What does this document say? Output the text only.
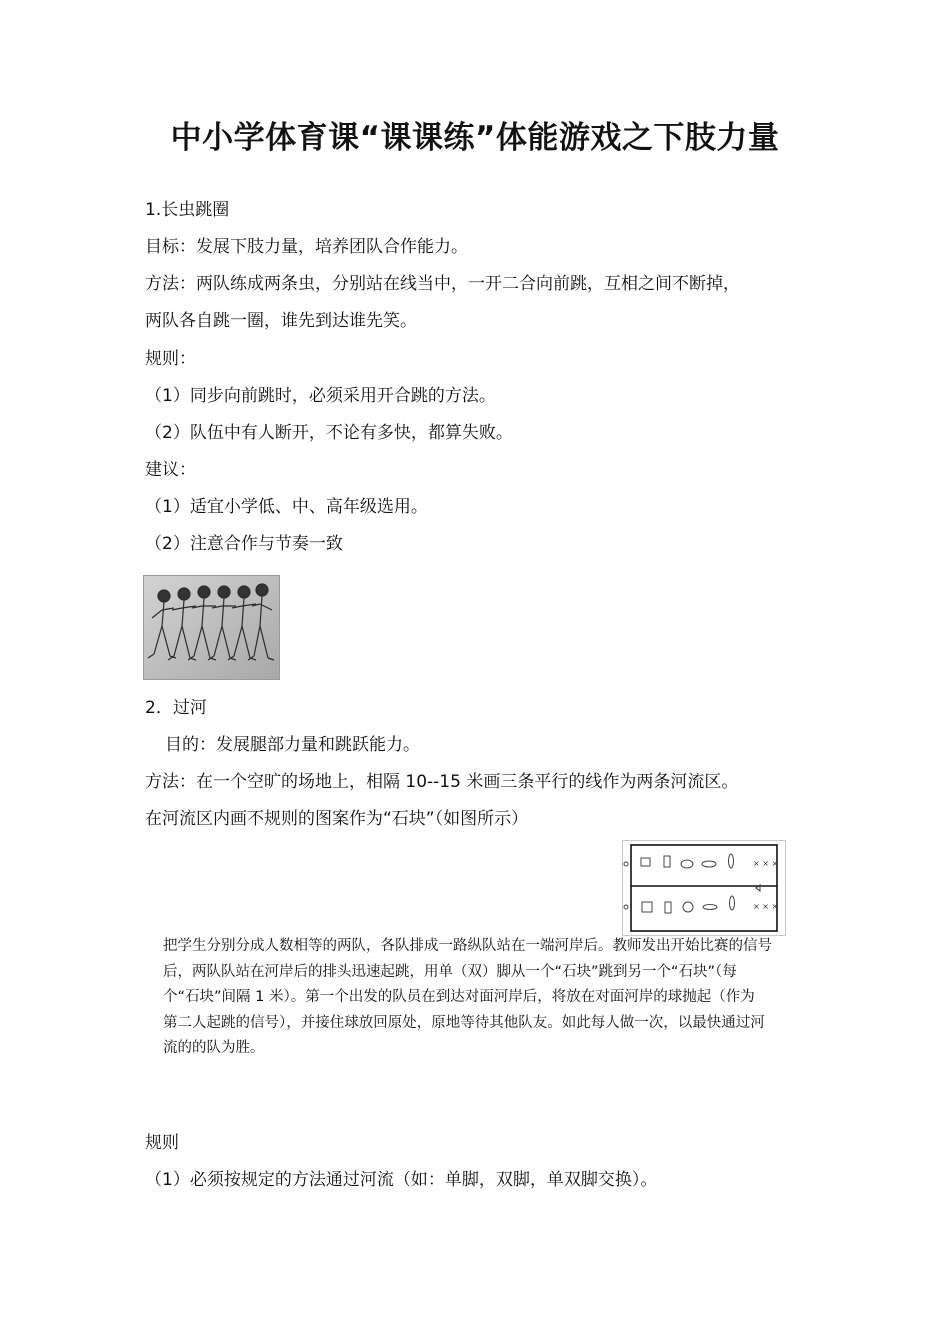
中小学体育课“课课练”体能游戏之下肢力量
1.长虫跳圈
目标：发展下肢力量，培养团队合作能力。
方法：两队练成两条虫，分别站在线当中，一开二合向前跳，互相之间不断掉，
两队各自跳一圈，谁先到达谁先笑。
规则：
（1）同步向前跳时，必须采用开合跳的方法。
（2）队伍中有人断开，不论有多快，都算失败。
建议：
（1）适宜小学低、中、高年级选用。
（2）注意合作与节奏一致
2．过河
目的：发展腿部力量和跳跃能力。
方法：在一个空旷的场地上，相隔 10--15 米画三条平行的线作为两条河流区。
在河流区内画不规则的图案作为“石块”（如图所示）
× × ×
× × ×
把学生分别分成人数相等的两队，各队排成一路纵队站在一端河岸后。教师发出开始比赛的信号
后，两队队站在河岸后的排头迅速起跳，用单（双）脚从一个“石块”跳到另一个“石块”（每
个“石块”间隔 1 米）。第一个出发的队员在到达对面河岸后，将放在对面河岸的球抛起（作为
第二人起跳的信号），并接住球放回原处，原地等待其他队友。如此每人做一次，以最快通过河
流的的队为胜。
规则
（1）必须按规定的方法通过河流（如：单脚，双脚，单双脚交换）。
